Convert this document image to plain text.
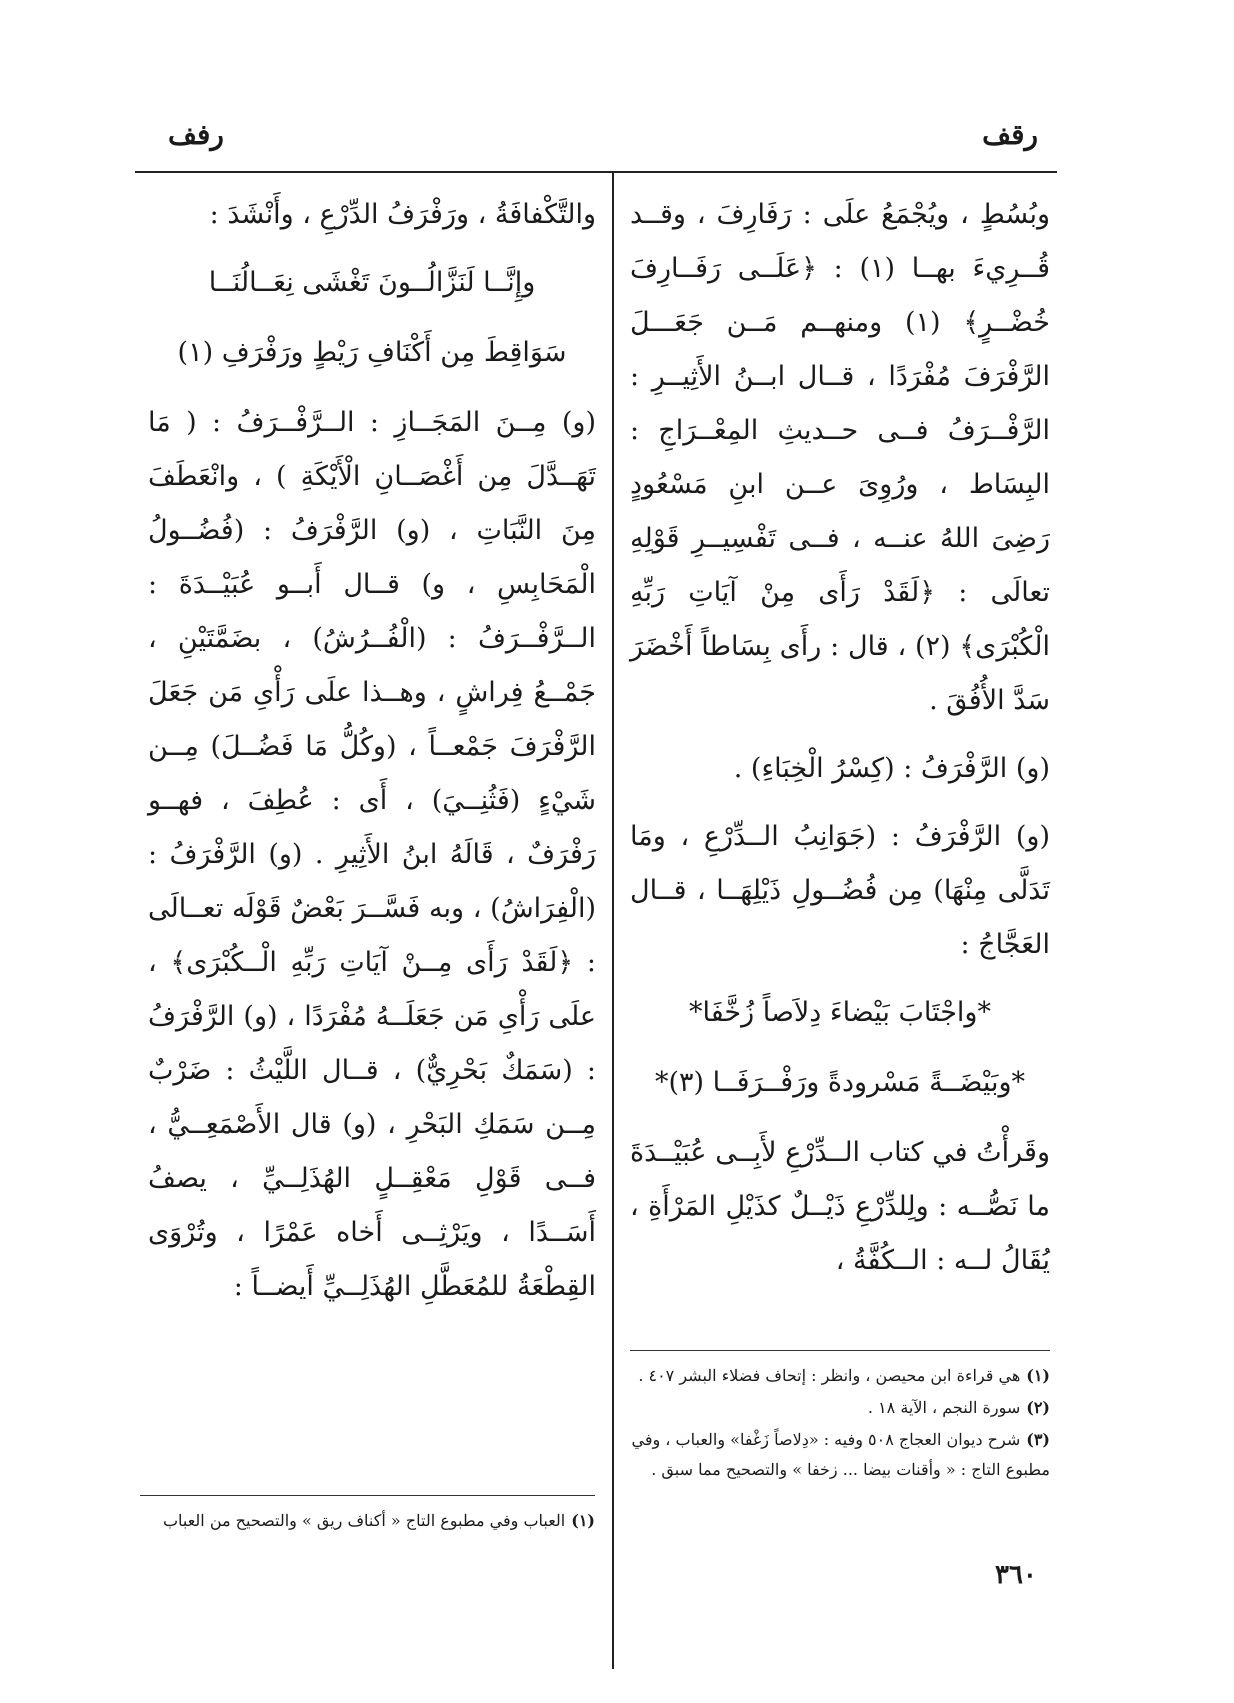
رقف
رفف

وبُسُطٍ ، ويُجْمَعُ علَى : رَفَارِفَ ، وقــد قُــرِيءَ بهــا (١) : ﴿عَلَــى رَفَــارِفَ خُضْــرٍ﴾ (١) ومنهــم مَــن جَعَـــلَ الرَّفْرَفَ مُفْرَدًا ، قــال ابــنُ الأَثِيــرِ : الرَّفْــرَفُ فــى حــديثِ المِعْــرَاجِ : البِسَاط ، ورُوِىَ عــن ابنِ مَسْعُودٍ رَضِىَ اللهُ عنــه ، فــى تَفْسِيــرِ قَوْلِهِ تعالَى : ﴿لَقَدْ رَأَى مِنْ آيَاتِ رَبِّهِ الْكُبْرَى﴾ (٢) ، قال : رأَى بِسَاطاً أَخْضَرَ سَدَّ الأُفُقَ .

(و) الرَّفْرَفُ : (كِسْرُ الْخِبَاءِ) .

(و) الرَّفْرَفُ : (جَوَانِبُ الــدِّرْعِ ، ومَا تَدَلَّى مِنْهَا) مِن فُضُــولِ ذَيْلِهَــا ، قــال العَجَّاجُ :

*واجْتَابَ بَيْضاءَ دِلاَصاً زُخَّفَا*

*وبَيْضَــةً مَسْرودةً ورَفْــرَفَــا (٣)*

وقَرأْتُ في كتاب الــدِّرْعِ لأَبِــى عُبَيْــدَةَ ما نَصُّــه : ولِلدِّرْعِ ذَيْــلٌ كذَيْلِ المَرْأَةِ ، يُقَالُ لــه : الــكُفَّةُ ،

والتَّكْفافَةُ ، ورَفْرَفُ الدِّرْعِ ، وأَنْشَدَ :

وإِنَّــا لَنَزَّالُــونَ تَغْشَى نِعَــالُنَــا

سَوَاقِطَ مِن أَكْنَافِ رَيْطٍ ورَفْرَفِ (١)

(و) مِــنَ المَجَــازِ : الــرَّفْــرَفُ : ( مَا تَهَــدَّلَ مِن أَغْصَــانِ الْأَيْكَةِ ) ، وانْعَطَفَ مِنَ النَّبَاتِ ، (و) الرَّفْرَفُ : (فُضُــولُ الْمَحَابِسِ ، و) قــال أَبــو عُبَيْــدَةَ : الــرَّفْــرَفُ : (الْفُــرُشُ) ، بضَمَّتَيْنِ ، جَمْــعُ فِراشٍ ، وهــذا علَى رَأْىِ مَن جَعَلَ الرَّفْرَفَ جَمْعــاً ، (وكُلُّ مَا فَضُــلَ) مِــن شَيْءٍ (فَثُنِــيَ) ، أَى : عُطِفَ ، فهــو رَفْرَفٌ ، قَالَهُ ابنُ الأَثِيرِ . (و) الرَّفْرَفُ : (الْفِرَاشُ) ، وبه فَسَّــرَ بَعْضٌ قَوْلَه تعــالَى : ﴿لَقَدْ رَأَى مِــنْ آيَاتِ رَبِّهِ الْــكُبْرَى﴾ ، علَى رَأْىِ مَن جَعَلَــهُ مُفْرَدًا ، (و) الرَّفْرَفُ : (سَمَكٌ بَحْرِيٌّ) ، قــال اللَّيْثُ : ضَرْبٌ مِــن سَمَكِ البَحْرِ ، (و) قال الأَصْمَعِــيُّ ، فــى قَوْلِ مَعْقِــلٍ الهُذَلِــيِّ ، يصفُ أَسَــدًا ، ويَرْثِــى أَخاه عَمْرًا ، وتُرْوَى القِطْعَةُ للمُعَطَّلِ الهُذَلِــيِّ أَيضــاً :

(١)هي قراءة ابن محيصن ، وانظر : إتحاف فضلاء البشر ٤٠٧ .
(٢)سورة النجم ، الآية ١٨ .
(٣)شرح ديوان العجاج ٥٠٨ وفيه : «دِلاصاً زَغْفا» والعباب ، وفي مطبوع التاج : « وأقنات بيضا ... زخفا » والتصحيح مما سبق .
(١)العباب وفي مطبوع التاج « أكناف ريق » والتصحيح من العباب
٣٦٠
